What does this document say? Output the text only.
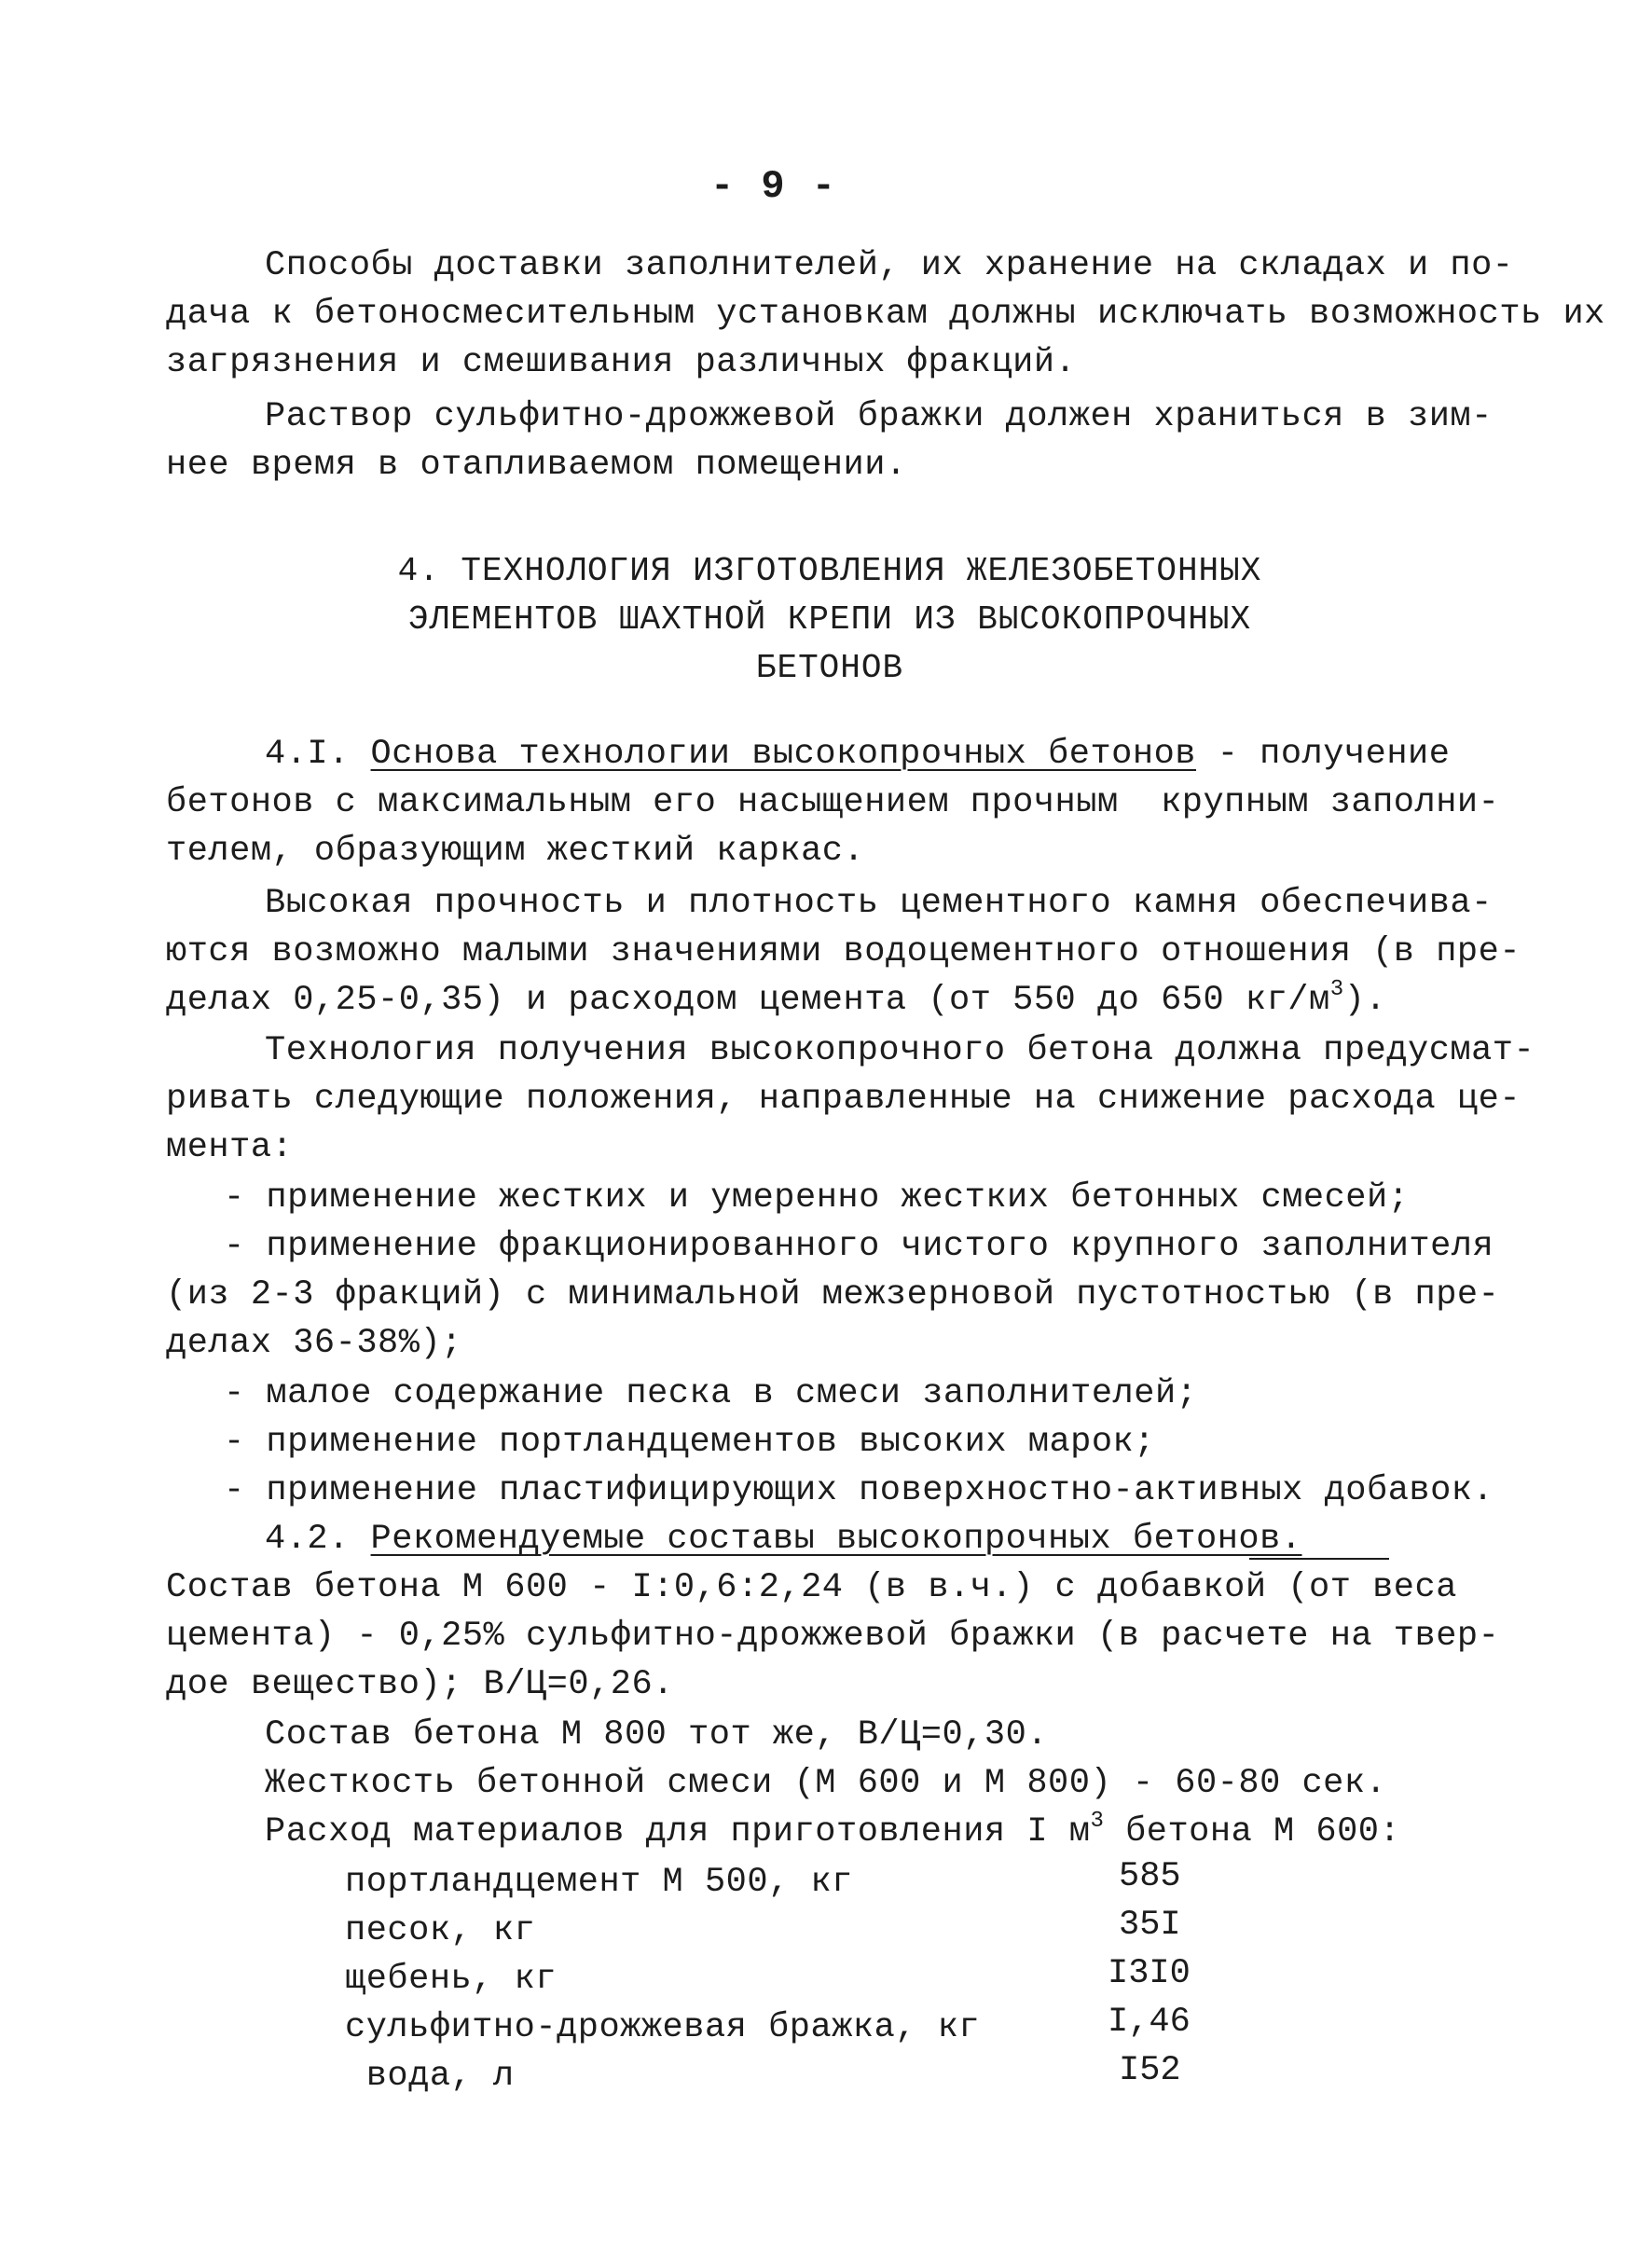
- 9 -
Способы доставки заполнителей, их хранение на складах и по-
дача к бетоносмесительным установкам должны исключать возможность их
загрязнения и смешивания различных фракций.
Раствор сульфитно-дрожжевой бражки должен храниться в зим-
нее время в отапливаемом помещении.
4. ТЕХНОЛОГИЯ ИЗГОТОВЛЕНИЯ ЖЕЛЕЗОБЕТОННЫХ
ЭЛЕМЕНТОВ ШАХТНОЙ КРЕПИ ИЗ ВЫСОКОПРОЧНЫХ
БЕТОНОВ
4.I. Основа технологии высокопрочных бетонов - получение
бетонов с максимальным его насыщением прочным  крупным заполни-
телем, образующим жесткий каркас.
Высокая прочность и плотность цементного камня обеспечива-
ются возможно малыми значениями водоцементного отношения (в пре-
делах 0,25-0,35) и расходом цемента (от 550 до 650 $кг/м^3$).
Технология получения высокопрочного бетона должна предусмат-
ривать следующие положения, направленные на снижение расхода це-
мента:
- применение жестких и умеренно жестких бетонных смесей;
- применение фракционированного чистого крупного заполнителя
(из 2-3 фракций) с минимальной межзерновой пустотностью (в пре-
делах 36-38%);
- малое содержание песка в смеси заполнителей;
- применение портландцементов высоких марок;
- применение пластифицирующих поверхностно-активных добавок.
4.2. Рекомендуемые составы высокопрочных бетонов.
Состав бетона М 600 - I:0,6:2,24 (в в.ч.) с добавкой (от веса
цемента) - 0,25% сульфитно-дрожжевой бражки (в расчете на твер-
дое вещество); В/Ц=0,26.
Состав бетона М 800 тот же, В/Ц=0,30.
Жесткость бетонной смеси (М 600 и М 800) - 60-80 сек.
Расход материалов для приготовления I $м^3$ бетона М 600:
портландцемент М 500, кг	585
песок, кг	35I
щебень, кг	I3I0
сульфитно-дрожжевая бражка, кг	I,46
вода, л	I52
